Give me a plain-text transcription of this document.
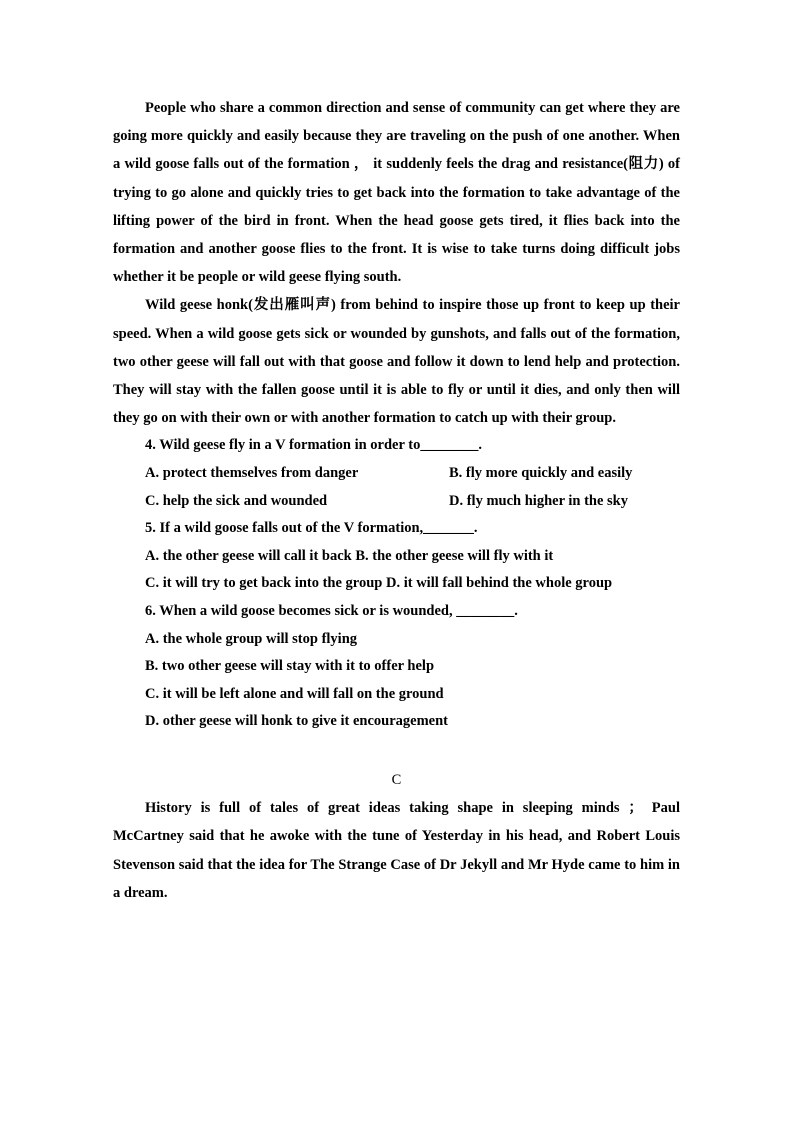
People who share a common direction and sense of community can get where they are going more quickly and easily because they are traveling on the push of one another. When a wild goose falls out of the formation ， it suddenly feels the drag and resistance(阻力) of trying to go alone and quickly tries to get back into the formation to take advantage of the lifting power of the bird in front. When the head goose gets tired, it flies back into the formation and another goose flies to the front. It is wise to take turns doing difficult jobs whether it be people or wild geese flying south.

Wild geese honk(发出雁叫声) from behind to inspire those up front to keep up their speed. When a wild goose gets sick or wounded by gunshots, and falls out of the formation, two other geese will fall out with that goose and follow it down to lend help and protection. They will stay with the fallen goose until it is able to fly or until it dies, and only then will they go on with their own or with another formation to catch up with their group.

4. Wild geese fly in a V formation in order to________.

A. protect themselves from danger	B. fly more quickly and easily
C. help the sick and wounded	D. fly much higher in the sky

5. If a wild goose falls out of the V formation,_______.

A. the other geese will call it back B. the other geese will fly with it

C. it will try to get back into the group D. it will fall behind the whole group

6. When a wild goose becomes sick or is wounded, ________.

A. the whole group will stop flying

B. two other geese will stay with it to offer help

C. it will be left alone and will fall on the ground

D. other geese will honk to give it encouragement

C

History is full of tales of great ideas taking shape in sleeping minds ； Paul McCartney said that he awoke with the tune of Yesterday in his head, and Robert Louis Stevenson said that the idea for The Strange Case of Dr Jekyll and Mr Hyde came to him in a dream.
